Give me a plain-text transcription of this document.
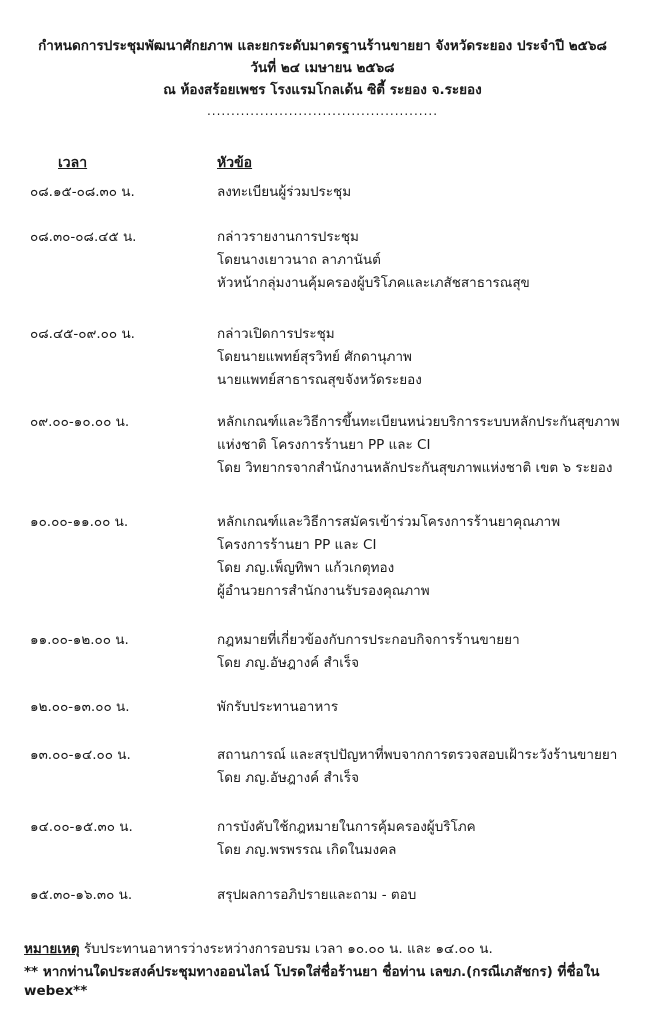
กำหนดการประชุมพัฒนาศักยภาพ และยกระดับมาตรฐานร้านขายยา จังหวัดระยอง ประจำปี ๒๕๖๘
วันที่ ๒๔ เมษายน ๒๕๖๘
ณ ห้องสร้อยเพชร โรงแรมโกลเด้น ซิตี้ ระยอง จ.ระยอง
................................................
เวลา	หัวข้อ
๐๘.๑๕-๐๘.๓๐ น.	ลงทะเบียนผู้ร่วมประชุม
๐๘.๓๐-๐๘.๔๕ น.	กล่าวรายงานการประชุม
โดยนางเยาวนาถ ลาภานันต์
หัวหน้ากลุ่มงานคุ้มครองผู้บริโภคและเภสัชสาธารณสุข
๐๘.๔๕-๐๙.๐๐ น.	กล่าวเปิดการประชุม
โดยนายแพทย์สุรวิทย์ ศักดานุภาพ
นายแพทย์สาธารณสุขจังหวัดระยอง
๐๙.๐๐-๑๐.๐๐ น.	หลักเกณฑ์และวิธีการขึ้นทะเบียนหน่วยบริการระบบหลักประกันสุขภาพ
แห่งชาติ โครงการร้านยา PP และ CI
โดย วิทยากรจากสำนักงานหลักประกันสุขภาพแห่งชาติ เขต ๖ ระยอง
๑๐.๐๐-๑๑.๐๐ น.	หลักเกณฑ์และวิธีการสมัครเข้าร่วมโครงการร้านยาคุณภาพ
โครงการร้านยา PP และ CI
โดย ภญ.เพ็ญทิพา แก้วเกตุทอง
ผู้อำนวยการสำนักงานรับรองคุณภาพ
๑๑.๐๐-๑๒.๐๐ น.	กฎหมายที่เกี่ยวข้องกับการประกอบกิจการร้านขายยา
โดย ภญ.อัษฎางค์ สำเร็จ
๑๒.๐๐-๑๓.๐๐ น.	พักรับประทานอาหาร
๑๓.๐๐-๑๔.๐๐ น.	สถานการณ์ และสรุปปัญหาที่พบจากการตรวจสอบเฝ้าระวังร้านขายยา
โดย ภญ.อัษฎางค์ สำเร็จ
๑๔.๐๐-๑๕.๓๐ น.	การบังคับใช้กฎหมายในการคุ้มครองผู้บริโภค
โดย ภญ.พรพรรณ เกิดในมงคล
๑๕.๓๐-๑๖.๓๐ น.	สรุปผลการอภิปรายและถาม - ตอบ
หมายเหตุ รับประทานอาหารว่างระหว่างการอบรม เวลา ๑๐.๐๐ น. และ ๑๔.๐๐ น.
** หากท่านใดประสงค์ประชุมทางออนไลน์ โปรดใส่ชื่อร้านยา ชื่อท่าน เลขภ.(กรณีเภสัชกร) ที่ชื่อใน
webex**
